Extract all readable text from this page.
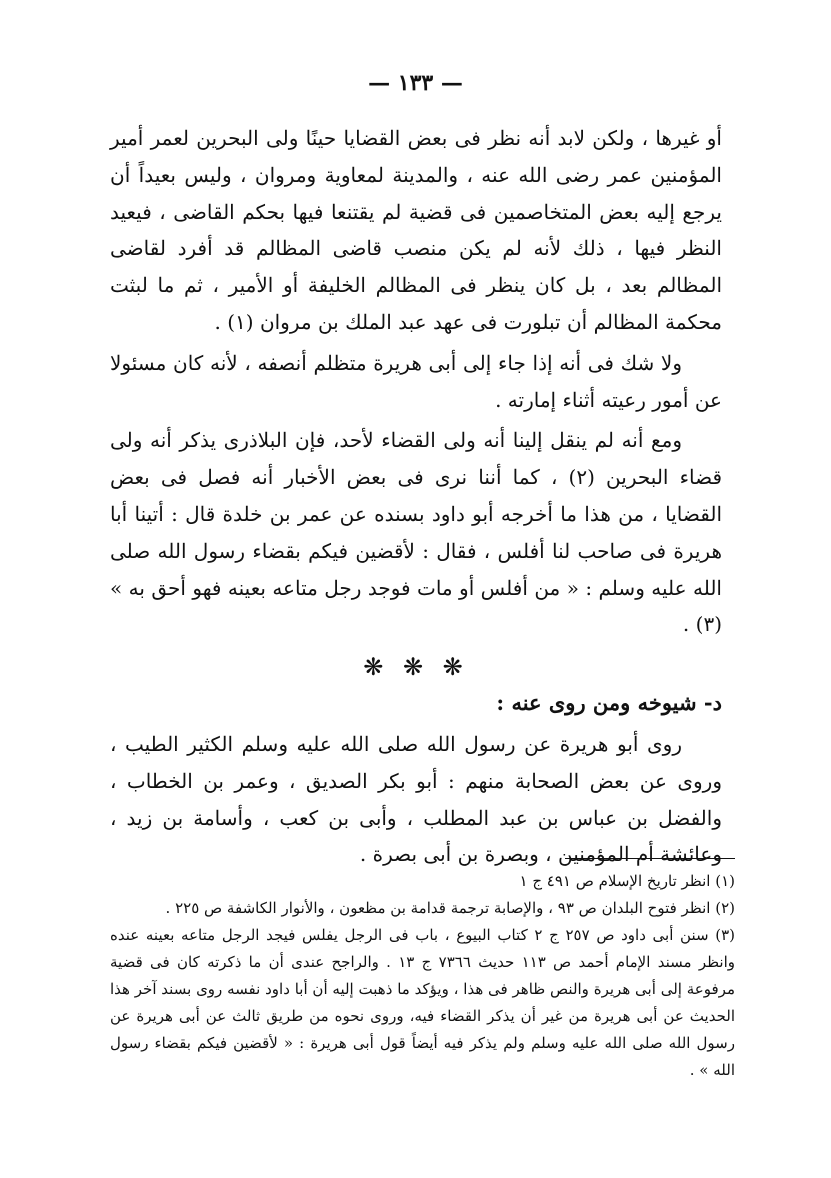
— ١٣٣ —

أو غيرها ، ولكن لابد أنه نظر فى بعض القضايا حينًا ولى البحرين لعمر أمير المؤمنين عمر رضى الله عنه ، والمدينة لمعاوية ومروان ، وليس بعيداً أن يرجع إليه بعض المتخاصمين فى قضية لم يقتنعا فيها بحكم القاضى ، فيعيد النظر فيها ، ذلك لأنه لم يكن منصب قاضى المظالم قد أفرد لقاضى المظالم بعد ، بل كان ينظر فى المظالم الخليفة أو الأمير ، ثم ما لبثت محكمة المظالم أن تبلورت فى عهد عبد الملك بن مروان (١) .

ولا شك فى أنه إذا جاء إلى أبى هريرة متظلم أنصفه ، لأنه كان مسئولا عن أمور رعيته أثناء إمارته .

ومع أنه لم ينقل إلينا أنه ولى القضاء لأحد، فإن البلاذرى يذكر أنه ولى قضاء البحرين (٢) ، كما أننا نرى فى بعض الأخبار أنه فصل فى بعض القضايا ، من هذا ما أخرجه أبو داود بسنده عن عمر بن خلدة قال : أتينا أبا هريرة فى صاحب لنا أفلس ، فقال : لأقضين فيكم بقضاء رسول الله صلى الله عليه وسلم : « من أفلس أو مات فوجد رجل متاعه بعينه فهو أحق به » (٣) .

❋ ❋ ❋

د- شيوخه ومن روى عنه :

روى أبو هريرة عن رسول الله صلى الله عليه وسلم الكثير الطيب ، وروى عن بعض الصحابة منهم : أبو بكر الصديق ، وعمر بن الخطاب ، والفضل بن عباس بن عبد المطلب ، وأبى بن كعب ، وأسامة بن زيد ، وعائشة أم المؤمنين ، وبصرة بن أبى بصرة .

(١) انظر تاريخ الإسلام ص ٤٩١ ج ١

(٢) انظر فتوح البلدان ص ٩٣ ، والإصابة ترجمة قدامة بن مظعون ، والأنوار الكاشفة ص ٢٢٥ .

(٣) سنن أبى داود ص ٢٥٧ ج ٢ كتاب البيوع ، باب فى الرجل يفلس فيجد الرجل متاعه بعينه عنده وانظر مسند الإمام أحمد ص ١١٣ حديث ٧٣٦٦ ج ١٣ . والراجح عندى أن ما ذكرته كان فى قضية مرفوعة إلى أبى هريرة والنص ظاهر فى هذا ، ويؤكد ما ذهبت إليه أن أبا داود نفسه روى بسند آخر هذا الحديث عن أبى هريرة من غير أن يذكر القضاء فيه، وروى نحوه من طريق ثالث عن أبى هريرة عن رسول الله صلى الله عليه وسلم ولم يذكر فيه أيضاً قول أبى هريرة : « لأقضين فيكم بقضاء رسول الله » .
